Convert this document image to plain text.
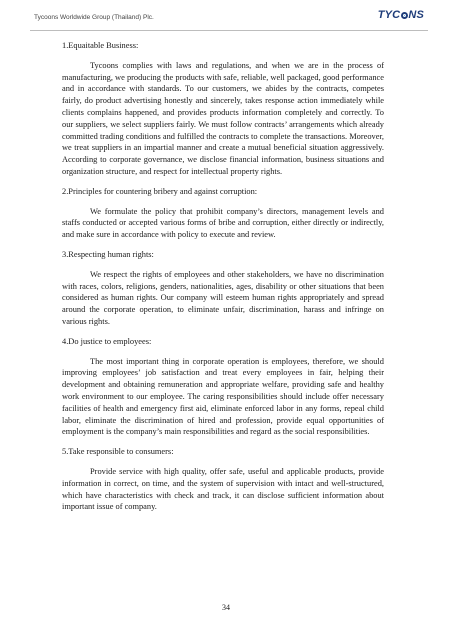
Tycoons Worldwide Group (Thailand) Plc.	TYC NS

1.Equaitable Business:

Tycoons complies with laws and regulations, and when we are in the process of manufacturing, we producing the products with safe, reliable, well packaged, good performance and in accordance with standards. To our customers, we abides by the contracts, competes fairly, do product advertising honestly and sincerely, takes response action immediately while clients complains happened, and provides products information completely and correctly. To our suppliers, we select suppliers fairly. We must follow contracts’ arrangements which already committed trading conditions and fulfilled the contracts to complete the transactions. Moreover, we treat suppliers in an impartial manner and create a mutual beneficial situation aggressively. According to corporate governance, we disclose financial information, business situations and organization structure, and respect for intellectual property rights.

2.Principles for countering bribery and against corruption:

We formulate the policy that prohibit company’s directors, management levels and staffs conducted or accepted various forms of bribe and corruption, either directly or indirectly, and make sure in accordance with policy to execute and review.

3.Respecting human rights:

We respect the rights of employees and other stakeholders, we have no discrimination with races, colors, religions, genders, nationalities, ages, disability or other situations that been considered as human rights. Our company will esteem human rights appropriately and spread around the corporate operation, to eliminate unfair, discrimination, harass and infringe on various rights.

4.Do justice to employees:

The most important thing in corporate operation is employees, therefore, we should improving employees’ job satisfaction and treat every employees in fair, helping their development and obtaining remuneration and appropriate welfare, providing safe and healthy work environment to our employee. The caring responsibilities should include offer necessary facilities of health and emergency first aid, eliminate enforced labor in any forms, repeal child labor, eliminate the discrimination of hired and profession, provide equal opportunities of employment is the company’s main responsibilities and regard as the social responsibilities.

5.Take responsible to consumers:

Provide service with high quality, offer safe, useful and applicable products, provide information in correct, on time, and the system of supervision with intact and well-structured, which have characteristics with check and track, it can disclose sufficient information about important issue of company.

34
